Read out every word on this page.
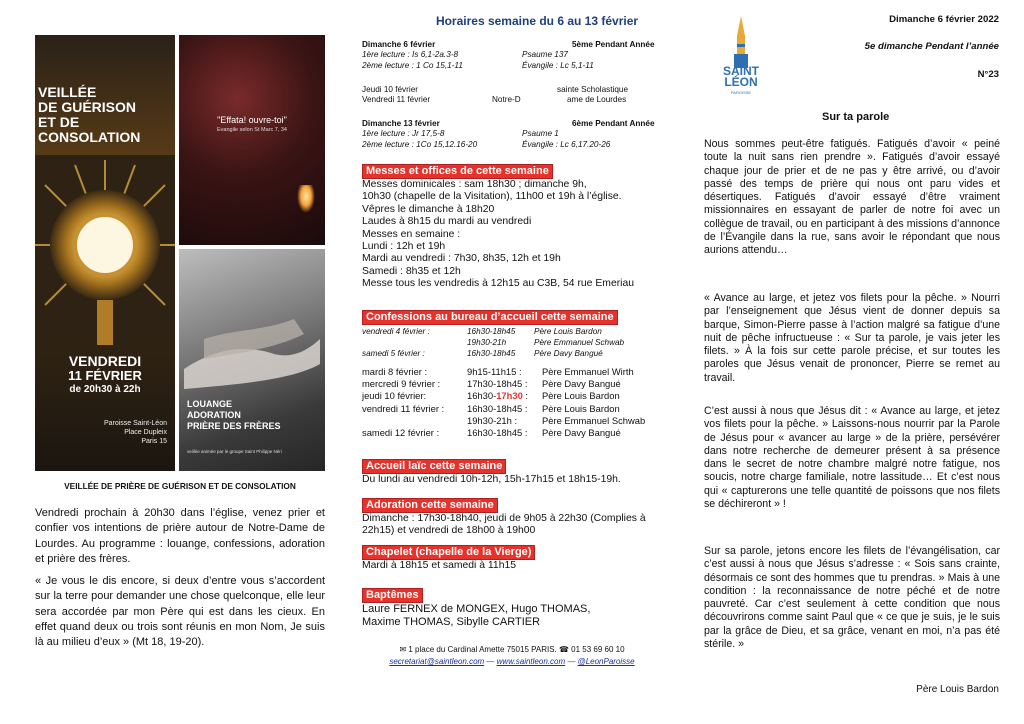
VEILLÉE
DE GUÉRISON
ET DE
CONSOLATION
VENDREDI
11 FÉVRIER
de 20h30 à 22h
Paroisse Saint-Léon
Place Dupleix
Paris 15
"Effata! ouvre-toi"
Evangile selon St Marc 7, 34
LOUANGE
ADORATION
PRIÈRE DES FRÈRES
veillée animée par le groupe Saint Philippe Néri
VEILLÉE DE PRIÈRE DE GUÉRISON ET DE CONSOLATION
Vendredi prochain à 20h30 dans l’église, venez prier et confier vos intentions de prière autour de Notre-Dame de Lourdes. Au programme : louange, confessions, adoration et prière des frères.
« Je vous le dis encore, si deux d’entre vous s’accordent sur la terre pour demander une chose quelconque, elle leur sera accordée par mon Père qui est dans les cieux. En effet quand deux ou trois sont réunis en mon Nom, Je suis là au milieu d’eux » (Mt 18, 19-20).
Horaires semaine du 6 au 13 février
Dimanche 6 février	5ème Pendant Année
1ère lecture : Is 6,1-2a.3-8	Psaume 137
2ème lecture : 1 Co 15,1-11	Évangile : Lc 5,1-11
Jeudi 10 février	sainte Scholastique
Vendredi 11 février	Notre-D	ame de Lourdes
Dimanche 13 février	6ème Pendant Année
1ère lecture : Jr 17,5-8	Psaume 1
2ème lecture : 1Co 15,12.16-20	Évangile : Lc 6,17.20-26
Messes et offices de cette semaine
Messes dominicales : sam 18h30 ; dimanche 9h,
10h30 (chapelle de la Visitation), 11h00 et 19h à l’église.
Vêpres le dimanche à 18h20
Laudes à 8h15 du mardi au vendredi
Messes en semaine :
Lundi : 12h et 19h
Mardi au vendredi : 7h30, 8h35, 12h et 19h
Samedi : 8h35 et 12h
Messe tous les vendredis à 12h15 au C3B, 54 rue Emeriau
Confessions au bureau d’accueil cette semaine
vendredi 4 février :	16h30-18h45 Père Louis Bardon
19h30-21h	Père Emmanuel Schwab
samedi 5 février :	16h30-18h45 Père Davy Bangué
mardi 8 février :	9h15-11h15 : Père Emmanuel Wirth
mercredi 9 février :	17h30-18h45 : Père Davy Bangué
jeudi 10 février:	16h30-17h30 : Père Louis Bardon
vendredi 11 février : 16h30-18h45 : Père Louis Bardon
19h30-21h :	Père Emmanuel Schwab
samedi 12 février :	16h30-18h45 : Père Davy Bangué
Accueil laïc cette semaine
Du lundi au vendredi 10h-12h, 15h-17h15 et 18h15-19h.
Adoration cette semaine
Dimanche : 17h30-18h40, jeudi de 9h05 à 22h30 (Complies à 22h15) et vendredi de 18h00 à 19h00
Chapelet (chapelle de la Vierge)
Mardi à 18h15 et samedi à 11h15
Baptêmes
Laure FERNEX de MONGEX, Hugo THOMAS,
Maxime THOMAS, Sibylle CARTIER
✉ 1 place du Cardinal Amette 75015 PARIS. ☎ 01 53 69 60 10
secretariat@saintleon.com — www.saintleon.com — @LeonParoisse
SAINT
LÉON
PAROISSE
Dimanche 6 février 2022
5e dimanche Pendant l’année
N°23
Sur ta parole
Nous sommes peut-être fatigués. Fatigués d’avoir « peiné toute la nuit sans rien prendre ». Fatigués d’avoir essayé chaque jour de prier et de ne pas y être arrivé, ou d’avoir passé des temps de prière qui nous ont paru vides et désertiques. Fatigués d’avoir essayé d’être vraiment missionnaires en essayant de parler de notre foi avec un collègue de travail, ou en participant à des missions d’annonce de l’Évangile dans la rue, sans avoir le répondant que nous aurions attendu…
« Avance au large, et jetez vos filets pour la pêche. » Nourri par l’enseignement que Jésus vient de donner depuis sa barque, Simon-Pierre passe à l’action malgré sa fatigue d’une nuit de pêche infructueuse : « Sur ta parole, je vais jeter les filets. » À la fois sur cette parole précise, et sur toutes les paroles que Jésus venait de prononcer, Pierre se remet au travail.
C’est aussi à nous que Jésus dit : « Avance au large, et jetez vos filets pour la pêche. » Laissons-nous nourrir par la Parole de Jésus pour « avancer au large » de la prière, persévérer dans notre recherche de demeurer présent à sa présence dans le secret de notre chambre malgré notre fatigue, nos soucis, notre charge familiale, notre lassitude… Et c’est nous qui « capturerons une telle quantité de poissons que nos filets se déchireront » !
Sur sa parole, jetons encore les filets de l’évangélisation, car c’est aussi à nous que Jésus s’adresse : « Sois sans crainte, désormais ce sont des hommes que tu prendras. » Mais à une condition : la reconnaissance de notre péché et de notre pauvreté. Car c’est seulement à cette condition que nous découvrirons comme saint Paul que « ce que je suis, je le suis par la grâce de Dieu, et sa grâce, venant en moi, n’a pas été stérile. »
Père Louis Bardon
